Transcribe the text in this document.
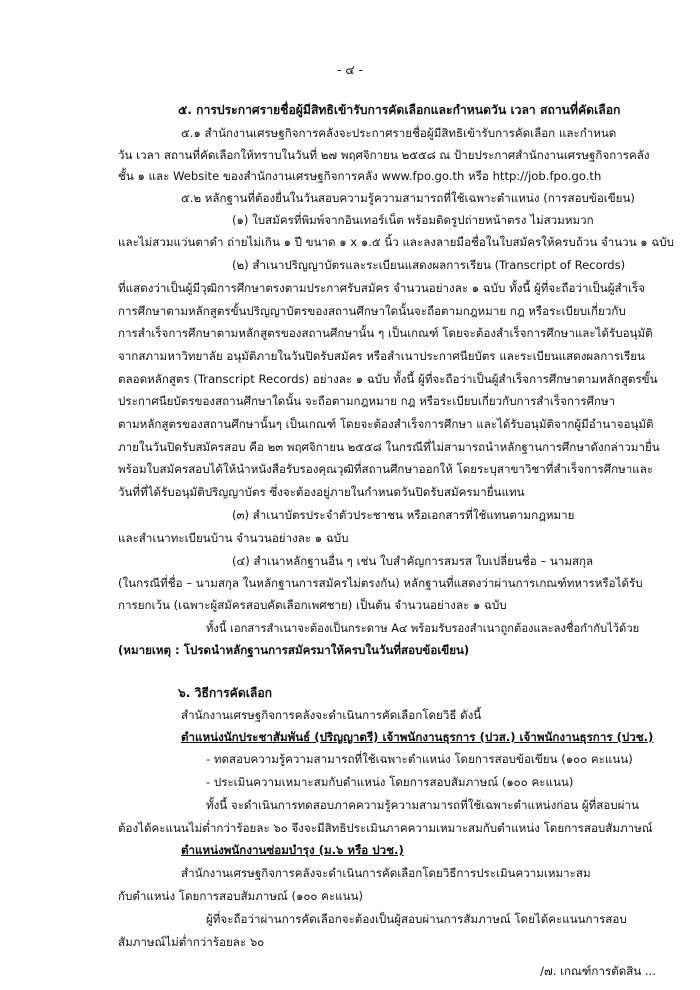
- ๔ -
๕. การประกาศรายชื่อผู้มีสิทธิเข้ารับการคัดเลือกและกำหนดวัน เวลา สถานที่คัดเลือก
๕.๑ สำนักงานเศรษฐกิจการคลังจะประกาศรายชื่อผู้มีสิทธิเข้ารับการคัดเลือก และกำหนด
วัน เวลา สถานที่คัดเลือกให้ทราบในวันที่ ๒๗ พฤศจิกายน ๒๕๕๘ ณ ป้ายประกาศสำนักงานเศรษฐกิจการคลัง
ชั้น ๑ และ Website ของสำนักงานเศรษฐกิจการคลัง www.fpo.go.th หรือ http://job.fpo.go.th
๕.๒ หลักฐานที่ต้องยื่นในวันสอบความรู้ความสามารถที่ใช้เฉพาะตำแหน่ง (การสอบข้อเขียน)
(๑) ใบสมัครที่พิมพ์จากอินเทอร์เน็ต พร้อมติดรูปถ่ายหน้าตรง ไม่สวมหมวก
และไม่สวมแว่นตาดำ ถ่ายไม่เกิน ๑ ปี ขนาด ๑ x ๑.๕ นิ้ว และลงลายมือชื่อในใบสมัครให้ครบถ้วน จำนวน ๑ ฉบับ
(๒) สำเนาปริญญาบัตรและระเบียนแสดงผลการเรียน (Transcript of Records)
ที่แสดงว่าเป็นผู้มีวุฒิการศึกษาตรงตามประกาศรับสมัคร จำนวนอย่างละ ๑ ฉบับ ทั้งนี้ ผู้ที่จะถือว่าเป็นผู้สำเร็จ
การศึกษาตามหลักสูตรขั้นปริญญาบัตรของสถานศึกษาใดนั้นจะถือตามกฎหมาย กฎ หรือระเบียบเกี่ยวกับ
การสำเร็จการศึกษาตามหลักสูตรของสถานศึกษานั้น ๆ เป็นเกณฑ์ โดยจะต้องสำเร็จการศึกษาและได้รับอนุมัติ
จากสภามหาวิทยาลัย อนุมัติภายในวันปิดรับสมัคร หรือสำเนาประกาศนียบัตร และระเบียนแสดงผลการเรียน
ตลอดหลักสูตร (Transcript Records) อย่างละ ๑ ฉบับ ทั้งนี้ ผู้ที่จะถือว่าเป็นผู้สำเร็จการศึกษาตามหลักสูตรขั้น
ประกาศนียบัตรของสถานศึกษาใดนั้น จะถือตามกฎหมาย กฎ หรือระเบียบเกี่ยวกับการสำเร็จการศึกษา
ตามหลักสูตรของสถานศึกษานั้นๆ เป็นเกณฑ์ โดยจะต้องสำเร็จการศึกษา และได้รับอนุมัติจากผู้มีอำนาจอนุมัติ
ภายในวันปิดรับสมัครสอบ คือ ๒๓ พฤศจิกายน ๒๕๕๘ ในกรณีที่ไม่สามารถนำหลักฐานการศึกษาดังกล่าวมายื่น
พร้อมใบสมัครสอบได้ให้นำหนังสือรับรองคุณวุฒิที่สถานศึกษาออกให้ โดยระบุสาขาวิชาที่สำเร็จการศึกษาและ
วันที่ที่ได้รับอนุมัติปริญญาบัตร ซึ่งจะต้องอยู่ภายในกำหนดวันปิดรับสมัครมายื่นแทน
(๓) สำเนาบัตรประจำตัวประชาชน หรือเอกสารที่ใช้แทนตามกฎหมาย
และสำเนาทะเบียนบ้าน จำนวนอย่างละ ๑ ฉบับ
(๔) สำเนาหลักฐานอื่น ๆ เช่น ใบสำคัญการสมรส ใบเปลี่ยนชื่อ – นามสกุล
(ในกรณีที่ชื่อ – นามสกุล ในหลักฐานการสมัครไม่ตรงกัน) หลักฐานที่แสดงว่าผ่านการเกณฑ์ทหารหรือได้รับ
การยกเว้น (เฉพาะผู้สมัครสอบคัดเลือกเพศชาย) เป็นต้น จำนวนอย่างละ ๑ ฉบับ
ทั้งนี้ เอกสารสำเนาจะต้องเป็นกระดาษ A๔ พร้อมรับรองสำเนาถูกต้องและลงชื่อกำกับไว้ด้วย
(หมายเหตุ : โปรดนำหลักฐานการสมัครมาให้ครบในวันที่สอบข้อเขียน)
๖. วิธีการคัดเลือก
สำนักงานเศรษฐกิจการคลังจะดำเนินการคัดเลือกโดยวิธี ดังนี้
ตำแหน่งนักประชาสัมพันธ์ (ปริญญาตรี) เจ้าพนักงานธุรการ (ปวส.) เจ้าพนักงานธุรการ (ปวช.)
- ทดสอบความรู้ความสามารถที่ใช้เฉพาะตำแหน่ง โดยการสอบข้อเขียน (๑๐๐ คะแนน)
- ประเมินความเหมาะสมกับตำแหน่ง โดยการสอบสัมภาษณ์ (๑๐๐ คะแนน)
ทั้งนี้ จะดำเนินการทดสอบภาคความรู้ความสามารถที่ใช้เฉพาะตำแหน่งก่อน ผู้ที่สอบผ่าน
ต้องได้คะแนนไม่ต่ำกว่าร้อยละ ๖๐ จึงจะมีสิทธิประเมินภาคความเหมาะสมกับตำแหน่ง โดยการสอบสัมภาษณ์
ตำแหน่งพนักงานซ่อมบำรุง (ม.๖ หรือ ปวช.)
สำนักงานเศรษฐกิจการคลังจะดำเนินการคัดเลือกโดยวิธีการประเมินความเหมาะสม
กับตำแหน่ง โดยการสอบสัมภาษณ์ (๑๐๐ คะแนน)
ผู้ที่จะถือว่าผ่านการคัดเลือกจะต้องเป็นผู้สอบผ่านการสัมภาษณ์ โดยได้คะแนนการสอบ
สัมภาษณ์ไม่ต่ำกว่าร้อยละ ๖๐
/๗. เกณฑ์การตัดสิน ...
